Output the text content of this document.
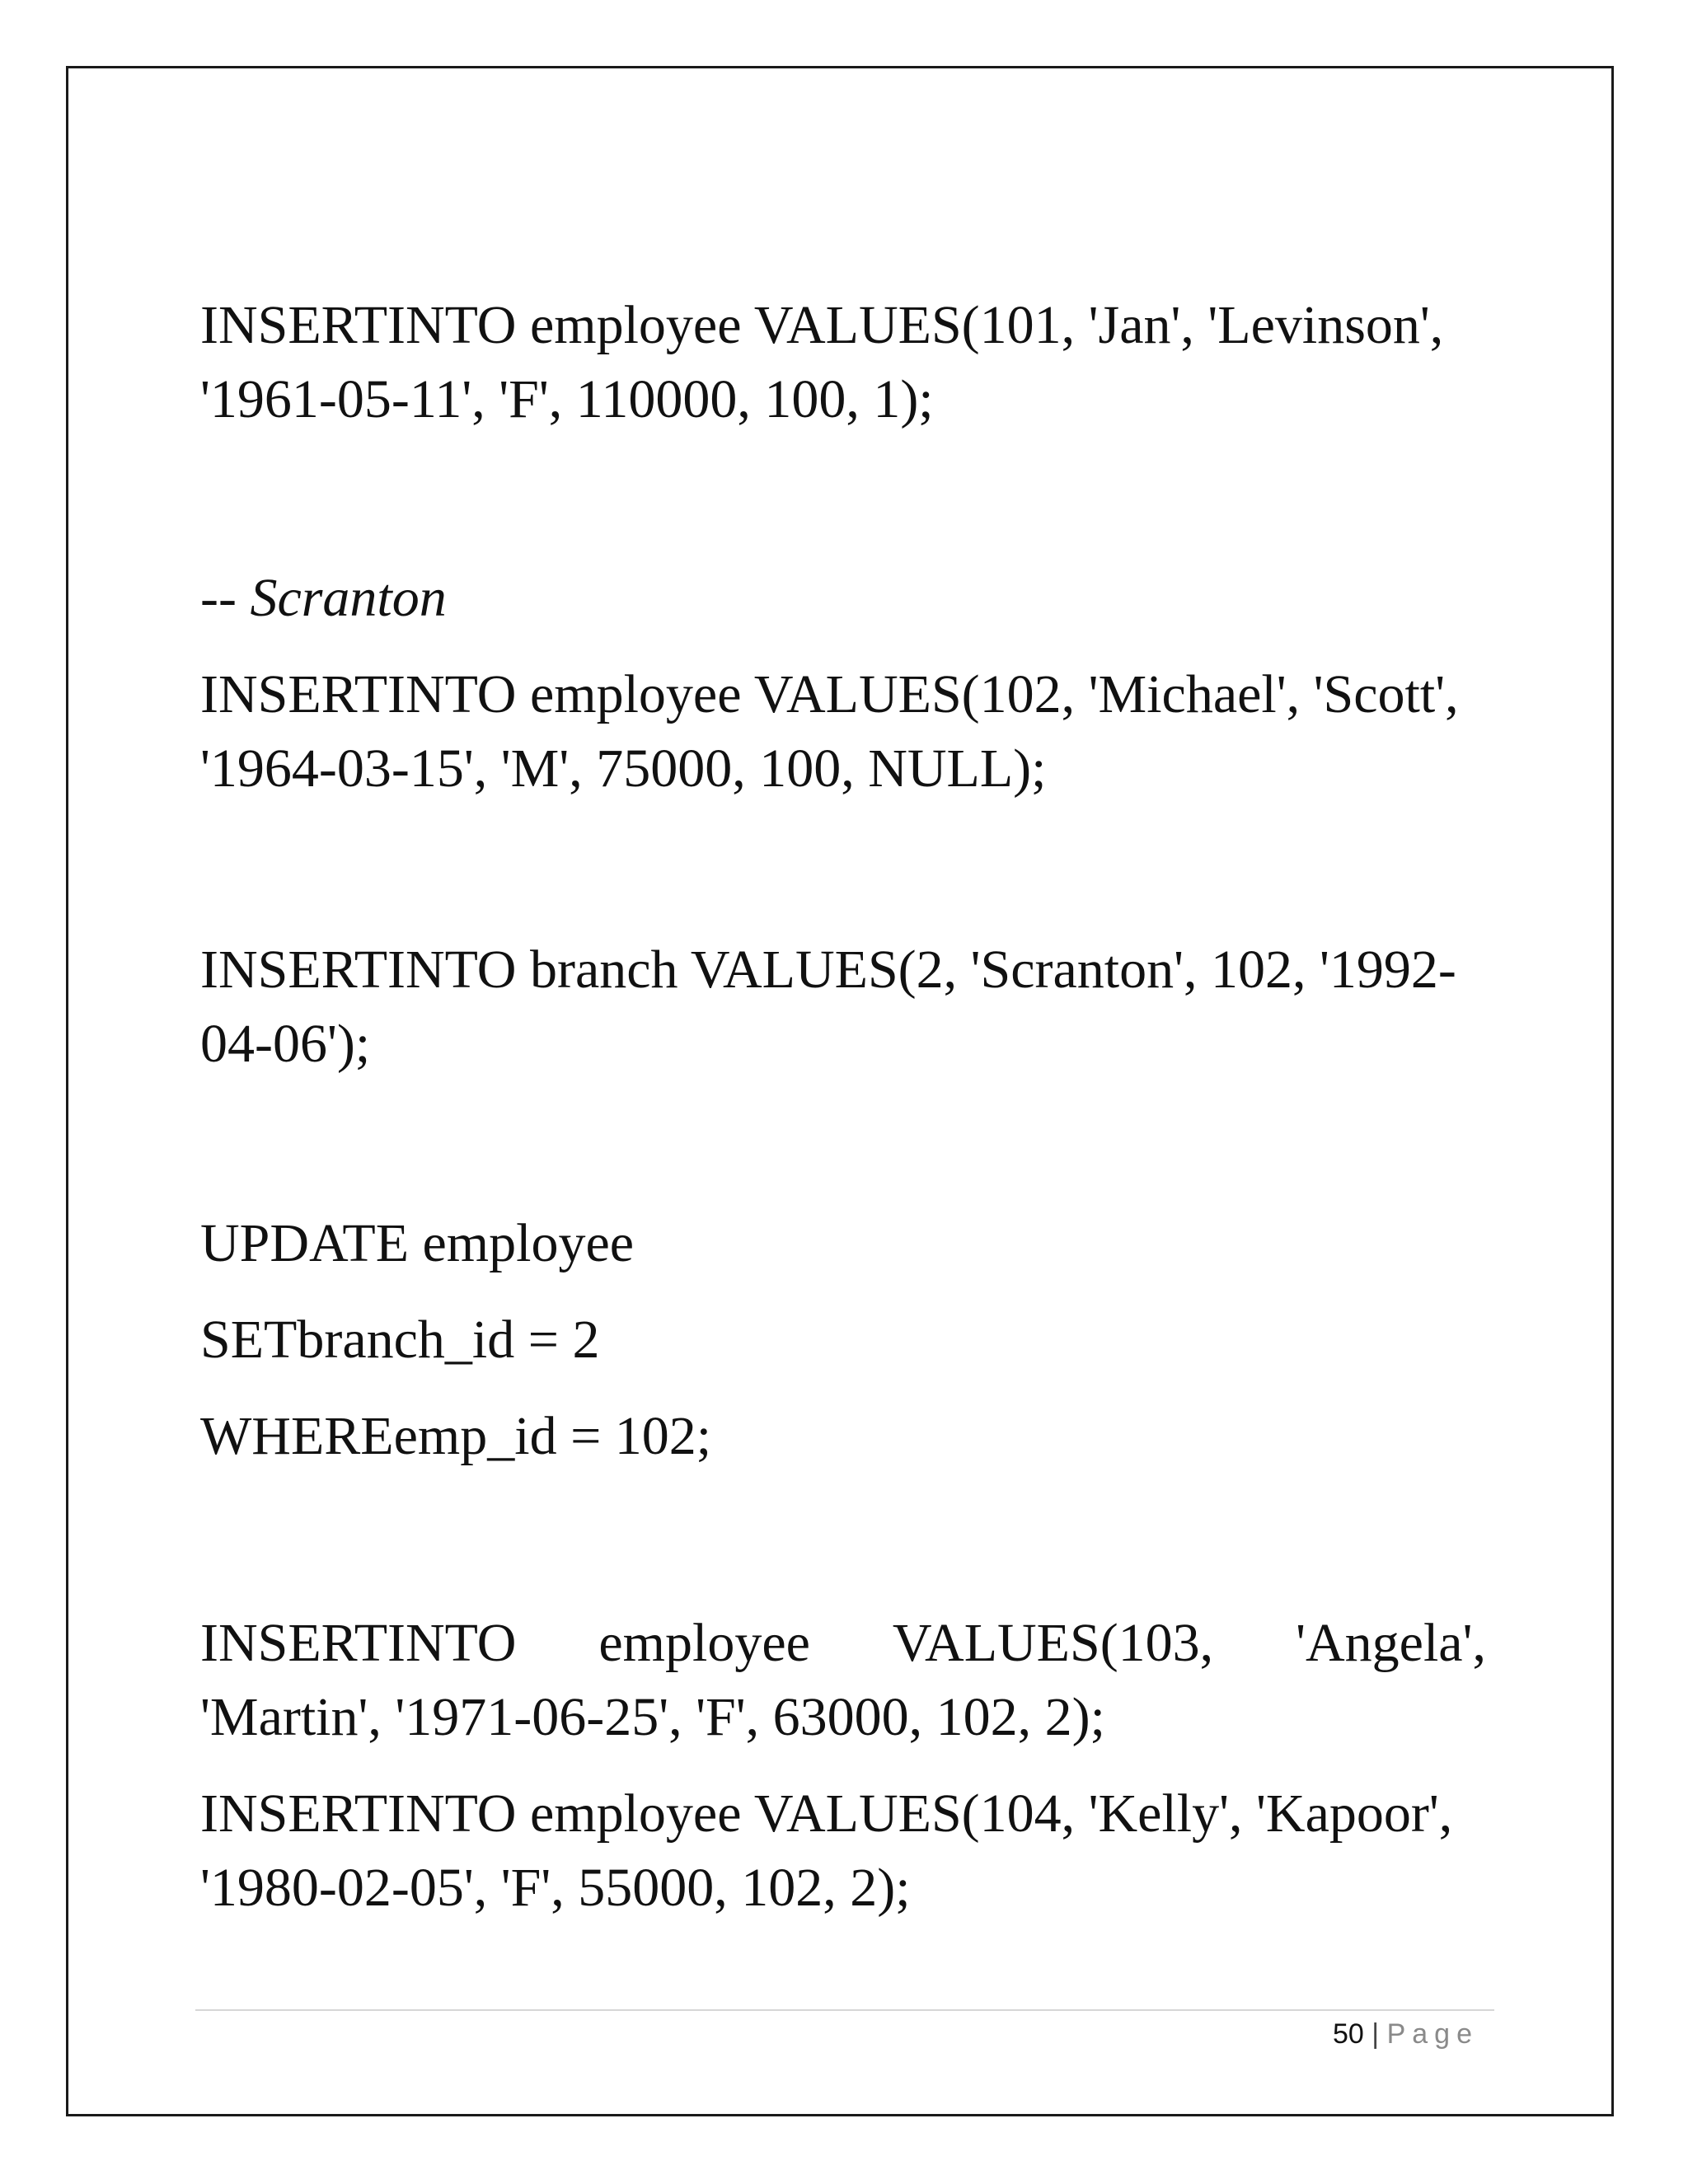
INSERTINTO employee VALUES(101, 'Jan', 'Levinson',
'1961-05-11', 'F', 110000, 100, 1);
-- Scranton
INSERTINTO employee VALUES(102, 'Michael', 'Scott',
'1964-03-15', 'M', 75000, 100, NULL);
INSERTINTO branch VALUES(2, 'Scranton', 102, '1992-
04-06');
UPDATE employee
SETbranch_id = 2
WHEREemp_id = 102;
INSERTINTO employee VALUES(103, 'Angela',
'Martin', '1971-06-25', 'F', 63000, 102, 2);
INSERTINTO employee VALUES(104, 'Kelly', 'Kapoor',
'1980-02-05', 'F', 55000, 102, 2);
50 | Page
